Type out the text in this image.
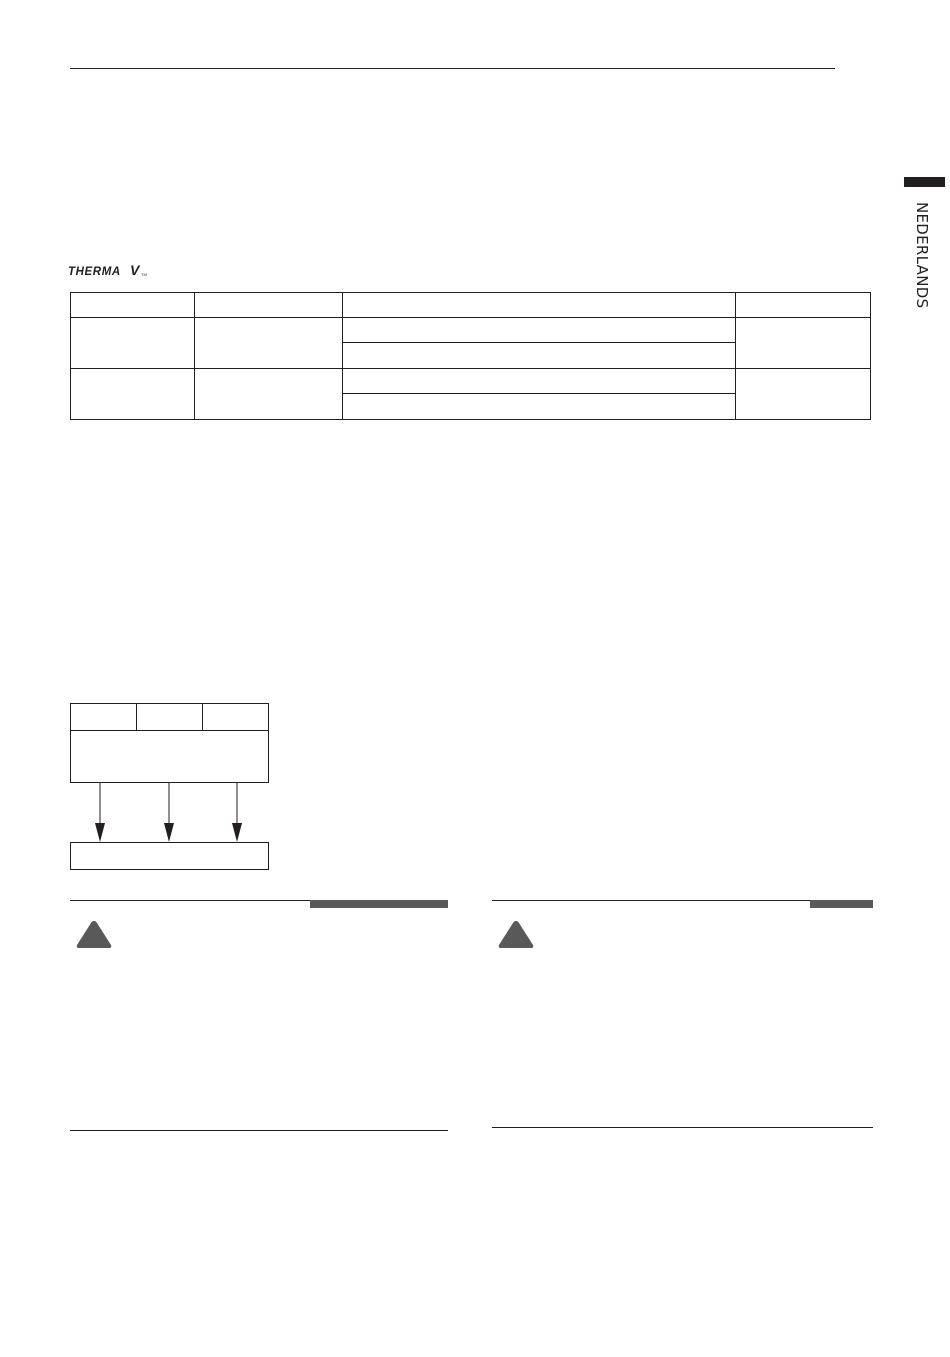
NEDERLANDS
THERMA V TM
